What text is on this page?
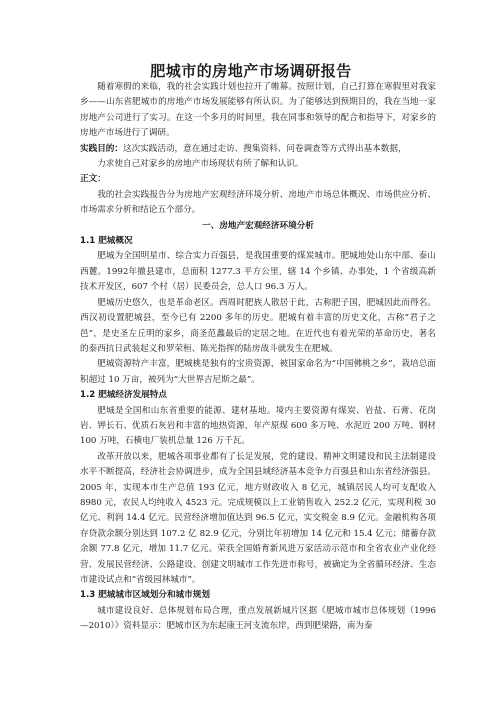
肥城市的房地产市场调研报告

随着寒假的来临，我的社会实践计划也拉开了帷幕。按照计划，自己打算在寒假里对我家乡——山东省肥城市的房地产市场发展能够有所认识。为了能够达到预期目的，我在当地一家房地产公司进行了实习。在这一个多月的时间里，我在同事和领导的配合和指导下，对家乡的房地产市场进行了调研。

实践目的：这次实践活动，意在通过走访、搜集资料、问卷调查等方式得出基本数据，

力求使自己对家乡的房地产市场现状有所了解和认识。

正文：

我的社会实践报告分为房地产宏观经济环境分析、房地产市场总体概况、市场供应分析、市场需求分析和结论五个部分。

一、房地产宏观经济环境分析

1.1 肥城概况

肥城为全国明星市、综合实力百强县，是我国重要的煤炭城市。肥城地处山东中部、泰山西麓。1992年撤县建市，总面积 1277.3 平方公里，辖 14 个乡镇、办事处，1 个省级高新技术开发区，607 个村（居）民委员会，总人口 96.3 万人。

肥城历史悠久，也是革命老区。西周时肥族人散居于此，古称肥子国，肥城因此而得名。西汉初设置肥城县，至今已有 2200 多年的历史。肥城有着丰富的历史文化，古称“君子之邑”，是史圣左丘明的家乡，商圣范蠡最后的定居之地。在近代也有着光荣的革命历史，著名的泰西抗日武装起义和罗荣桓、陈光指挥的陆房战斗就发生在肥城。

肥城资源特产丰富，肥城桃是独有的宝贵资源，被国家命名为“中国佛桃之乡”，栽培总面积超过 10 万亩，被列为“大世界吉尼斯之最”。

1.2 肥城经济发展特点

肥城是全国和山东省重要的能源、建材基地。境内主要资源有煤炭、岩盐、石膏、花岗岩、钾长石、优质石灰岩和丰富的地热资源，年产原煤 600 多万吨、水泥近 200 万吨、钢材 100 万吨，石横电厂装机总量 126 万千瓦。

改革开放以来，肥城各项事业都有了长足发展，党的建设、精神文明建设和民主法制建设水平不断提高，经济社会协调进步，成为全国县域经济基本竞争力百强县和山东省经济强县。2005 年，实现本市生产总值 193 亿元，地方财政收入 8 亿元，城镇居民人均可支配收入 8980 元，农民人均纯收入 4523 元。完成规模以上工业销售收入 252.2 亿元，实现利税 30 亿元、利润 14.4 亿元。民营经济增加值达到 96.5 亿元，实交税金 8.9 亿元。金融机构各项存贷款余额分别达到 107.2 亿 82.9 亿元，分别比年初增加 14 亿元和 15.4 亿元；储蓄存款余额 77.8 亿元，增加 11.7 亿元。荣获全国婚育新风进万家活动示范市和全省农业产业化经营、发展民营经济、公路建设、创建文明城市工作先进市称号，被确定为全省循环经济、生态市建设试点和“省级园林城市”。

1.3 肥城城市区域划分和城市规划

城市建设良好、总体规划布局合理，重点发展新城片区据《肥城市城市总体规划（1996—2010）》资料显示：肥城市区为东起康王河支流东岸，西到肥梁路，南为泰
